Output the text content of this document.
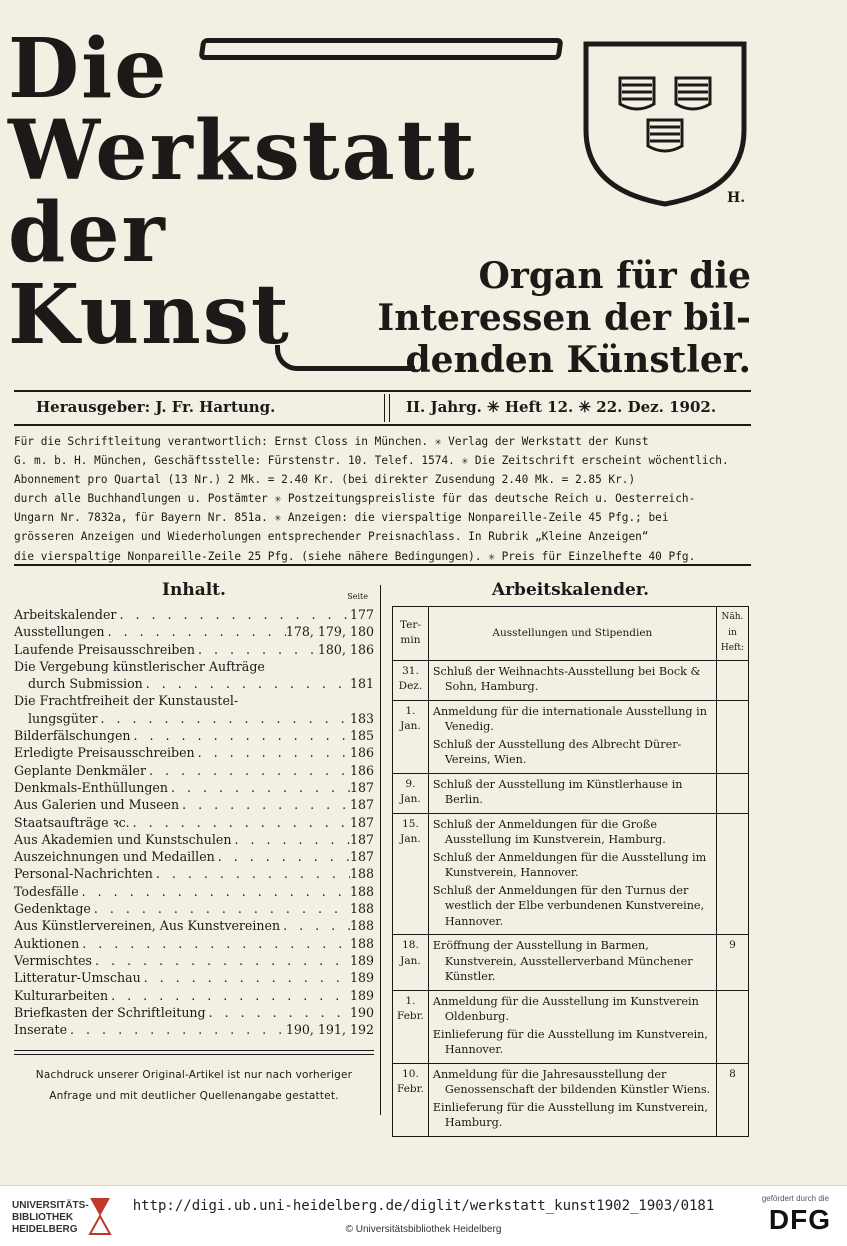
Die
Werkstatt
der
Kunst
H.
Organ für die
Interessen der bil-
denden Künstler.
Herausgeber: J. Fr. Hartung.	II. Jahrg. ✳ Heft 12. ✳ 22. Dez. 1902.

Für die Schriftleitung verantwortlich: Ernst Closs in München. ✳ Verlag der Werkstatt der Kunst

G. m. b. H. München, Geschäftsstelle: Fürstenstr. 10. Telef. 1574. ✳ Die Zeitschrift erscheint wöchentlich.

Abonnement pro Quartal (13 Nr.) 2 Mk. = 2.40 Kr. (bei direkter Zusendung 2.40 Mk. = 2.85 Kr.)

durch alle Buchhandlungen u. Postämter ✳ Postzeitungspreisliste für das deutsche Reich u. Oesterreich-

Ungarn Nr. 7832a, für Bayern Nr. 851a. ✳ Anzeigen: die vierspaltige Nonpareille-Zeile 45 Pfg.; bei

grösseren Anzeigen und Wiederholungen entsprechender Preisnachlass. In Rubrik „Kleine Anzeigen“

die vierspaltige Nonpareille-Zeile 25 Pfg. (siehe nähere Bedingungen). ✳ Preis für Einzelhefte 40 Pfg.

Inhalt.	Seite
Arbeitskalender . . .	177
Ausstellungen . . .	178, 179, 180
Laufende Preisausschreiben . . .	180, 186
Die Vergebung künstlerischer Aufträge
durch Submission . . .	181
Die Frachtfreiheit der Kunstaustel-
lungsgüter . . .	183
Bilderfälschungen . . .	185
Erledigte Preisausschreiben . . .	186
Geplante Denkmäler . . .	186
Denkmals-Enthüllungen . . .	187
Aus Galerien und Museen . . .	187
Staatsaufträge ꝛc. . . .	187
Aus Akademien und Kunstschulen . . .	187
Auszeichnungen und Medaillen . . .	187
Personal-Nachrichten . . .	188
Todesfälle . . .	188
Gedenktage . . .	188
Aus Künstlervereinen, Aus Kunstvereinen . . .	188
Auktionen . . .	188
Vermischtes . . .	189
Litteratur-Umschau . . .	189
Kulturarbeiten . . .	189
Briefkasten der Schriftleitung . . .	190
Inserate . . .	190, 191, 192
Nachdruck unserer Original-Artikel ist nur nach vorheriger
Anfrage und mit deutlicher Quellenangabe gestattet.
Arbeitskalender.
Ter-min	Ausstellungen und Stipendien	Näh. in Heft:
31. Dez.	Schluß der Weihnachts-Ausstellung bei Bock & Sohn, Hamburg.	

1. Jan.	Anmeldung für die internationale Ausstellung in Venedig.
Schluß der Ausstellung des Albrecht Dürer-Vereins, Wien.	

9. Jan.	Schluß der Ausstellung im Künstlerhause in Berlin.	

15. Jan.	Schluß der Anmeldungen für die Große Ausstellung im Kunstverein, Hamburg.
Schluß der Anmeldungen für die Ausstellung im Kunstverein, Hannover.
Schluß der Anmeldungen für den Turnus der westlich der Elbe verbundenen Kunstvereine, Hannover.	

18. Jan.	Eröffnung der Ausstellung in Barmen, Kunstverein, Ausstellerverband Münchener Künstler.	9
1. Febr.	Anmeldung für die Ausstellung im Kunstverein Oldenburg.
Einlieferung für die Ausstellung im Kunstverein, Hannover.	

10. Febr.	Anmeldung für die Jahresausstellung der Genossenschaft der bildenden Künstler Wiens.
Einlieferung für die Ausstellung im Kunstverein, Hamburg.	8
UNIVERSITÄTS-
BIBLIOTHEK
HEIDELBERG
http://digi.ub.uni-heidelberg.de/diglit/werkstatt_kunst1902_1903/0181
© Universitätsbibliothek Heidelberg
gefördert durch die
DFG
